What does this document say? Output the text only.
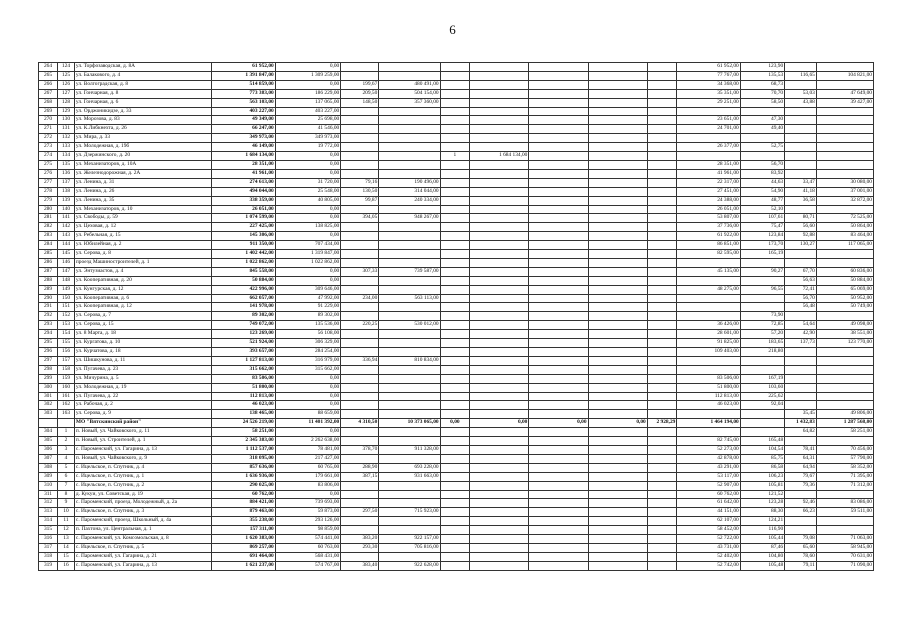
6
264	124	ул. Торфозаводская, д. 8А	61 952,00	0,00								61 952,00	123,90		
265	125	ул. Балакового, д. 4	1 391 847,00	1 309 259,00								77 767,00	135,53	116,65	104 821,00
266	126	ул. Волгоградская, д. 8	514 859,00	0,00	199,67	480 491,00						34 368,00	68,73		
267	127	ул. Гончарная, д. 8	773 383,00	186 229,00	209,50	504 154,00						35 351,00	70,70	53,03	47 649,00
268	128	ул. Гончарная, д. 6	563 103,00	137 065,00	148,50	357 360,00						29 251,00	58,50	43,88	39 427,00
269	129	ул. Орджоникидзе, д. 33	403 227,00	403 227,00											
270	130	ул. Морозова, д. 83	49 349,00	25 698,00								23 651,00	47,30		
271	131	ул. К.Либкнехта, д. 26	66 247,00	41 546,00								24 701,00	49,40		
272	132	ул. Мира, д. 33	349 973,00	349 973,00											
273	133	ул. Молодежная, д. 19б	46 149,00	19 772,00								26 377,00	52,75		
274	134	ул. Дзержинского, д. 20	1 684 134,00	0,00			1	1 684 134,00							
275	135	ул. Механизаторов, д. 10А	28 351,00	0,00								28 351,00	56,70		
276	136	ул. Железнодорожная, д. 2А	41 961,00	0,00								41 961,00	83,92		
277	137	ул. Ленина, д. 31	274 613,00	31 720,00	79,16	190 496,00						22 317,00	44,63	33,47	30 080,00
278	138	ул. Ленина, д. 26	494 044,00	25 548,00	130,50	314 044,00						27 451,00	54,90	41,18	37 001,00
279	139	ул. Ленина, д. 35	338 359,00	40 805,00	99,87	240 334,00						24 388,00	48,77	36,58	32 872,00
280	140	ул. Механизаторов, д. 10	26 051,00	0,00								26 051,00	52,10		
281	141	ул. Свободы, д. 59	1 074 599,00	0,00	394,05	948 267,00						53 807,00	107,61	80,71	72 525,00
282	142	ул. Цеховая, д. 12	227 425,00	138 825,00								37 736,00	75,47	56,60	50 864,00
283	143	ул. Ребельная, д. 15	145 306,00	0,00								61 922,00	123,84	92,88	83 464,00
284	144	ул. Юбилейная, д. 2	911 350,00	707 434,00								86 851,00	173,70	130,27	117 065,00
285	145	ул. Серова, д. 8	1 402 442,00	1 319 847,00								82 595,00	165,19		
286	146	проезд Машиностроителей, д. 1	1 022 862,00	1 022 862,00											
287	147	ул. Энтузиастов, д. 4	845 558,00	0,00	307,33	739 587,00						45 135,00	90,27	67,70	60 836,00
288	148	ул. Кооперативная, д. 20	50 884,00	0,00										56,63	50 884,00
289	149	ул. Кунгурская, д. 12	422 996,00	309 646,00								48 275,00	96,55	72,41	65 069,00
290	150	ул. Кооперативная, д. 6	662 057,00	47 992,00	234,00	563 113,00								56,70	50 952,00
291	151	ул. Кооперативная, д. 12	141 978,00	91 229,00										56,48	50 749,00
292	152	ул. Серова, д. 7	89 302,00	89 302,00									73,90		
293	153	ул. Серова, д. 15	749 072,00	135 536,00	220,25	530 012,00						36 426,00	72,85	54,64	49 098,00
294	154	ул. 8 Марта, д. 18	123 269,00	56 108,00								28 601,00	57,20	42,90	38 551,00
295	155	ул. Кургатова, д. 10	521 924,00	306 329,00								91 825,00	183,65	137,73	123 770,00
296	156	ул. Курчатова, д. 18	393 657,00	284 254,00								109 403,00	218,80		
297	157	ул. Шишкунова, д. 11	1 127 813,00	316 979,00	336,94	810 834,00									
298	158	ул. Пугачева, д. 23	315 662,00	315 662,00											
299	159	ул. Мичурина, д. 5	83 506,00	0,00								83 506,00	167,19		
300	160	ул. Молодежная, д. 19	51 800,00	0,00								51 800,00	103,60		
301	161	ул. Пугачева, д. 22	112 813,00	0,00								112 813,00	225,62		
302	162	ул. Рабочая, д. 2	46 023,00	0,00								46 023,00	92,04		
303	163	ул. Серова, д. 9	138 465,00	88 659,00										35,45	49 806,00
		МО "Вятскинский район"	24 526 219,00	11 401 392,00	4 310,50	10 373 065,00	0,00	0,00	0,00	0,00	2 928,29	1 464 194,00		1 432,83	1 287 568,00
304	1	п. Новый, ул. Чайковского, д. 11	58 251,00	0,00										64,82	58 251,00
305	2	п. Новый, ул. Строителей, д. 1	2 345 383,00	2 262 638,00								82 745,00	165,48		
306	3	с. Пароменский, ул. Гагарина, д. 13	1 112 537,00	78 481,00	378,70	911 328,00						52 273,00	104,54	78,41	70 456,00
307	4	п. Новый, ул. Чайковского, д. 9	318 095,00	217 427,00								42 878,00	85,75	64,31	57 790,00
308	5	с. Ицельское, п. Спутник, д. 4	857 636,00	60 765,00	288,90	693 228,00						43 291,00	86,58	64,94	58 352,00
309	6	с. Ицельское, п. Спутник, д. 1	1 636 936,00	179 661,00	387,15	931 663,00						53 117,00	106,23	79,67	71 395,00
310	7	с. Ицельское, п. Спутник, д. 2	290 025,00	83 806,00								52 907,00	105,81	79,36	71 312,00
311	8	д. Кукуи, ул. Советская, д. 19	60 762,00	0,00								60 762,00	121,52		
312	9	с. Пароменский, проезд. Молодежный, д. 2а	884 421,00	739 693,00								61 642,00	123,28	92,46	83 086,00
313	10	с. Ицельское, п. Спутник, д. 3	879 463,00	59 873,00	297,50	715 923,00						44 151,00	88,30	66,23	59 511,00
314	11	с. Пароменский, проезд. Школьный, д. 4а	355 238,00	293 126,00								62 107,00	124,21		
315	12	п. Пахтона, ул. Центральная, д. 1	157 311,00	98 859,00								58 452,00	116,90		
316	13	с. Пароменский, ул. Комсомольская, д. 8	1 620 383,00	574 441,00	383,20	922 157,00						52 722,00	105,44	79,08	71 063,00
317	14	с. Ицельское, п. Спутник, д. 5	869 257,00	60 763,00	293,30	705 816,00						43 731,00	87,46	65,60	58 945,00
318	15	с. Пароменский, ул. Гагарина, д. 21	691 464,00	568 431,00								52 402,00	104,80	78,60	70 631,00
319	16	с. Пароменский, ул. Гагарина, д. 13	1 621 237,00	574 767,00	383,40	922 628,00						52 742,00	105,48	79,11	71 090,00
